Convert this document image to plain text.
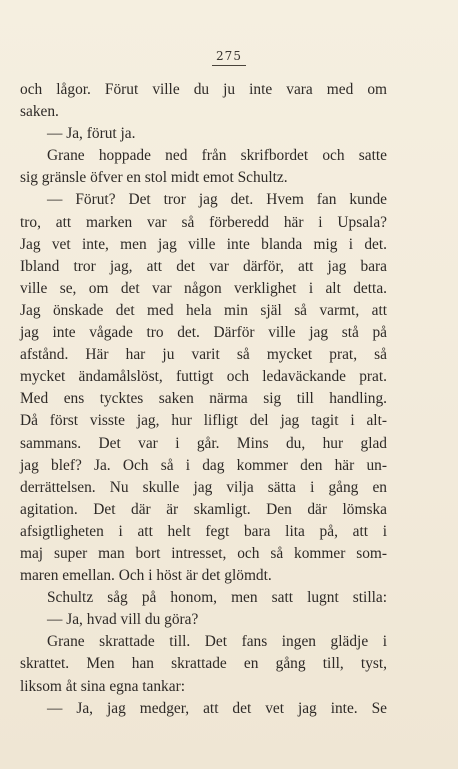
275
och lågor. Förut ville du ju inte vara med om
saken.
— Ja, förut ja.
Grane hoppade ned från skrifbordet och satte
sig gränsle öfver en stol midt emot Schultz.
— Förut? Det tror jag det. Hvem fan kunde
tro, att marken var så förberedd här i Upsala?
Jag vet inte, men jag ville inte blanda mig i det.
Ibland tror jag, att det var därför, att jag bara
ville se, om det var någon verklighet i alt detta.
Jag önskade det med hela min själ så varmt, att
jag inte vågade tro det. Därför ville jag stå på
afstånd. Här har ju varit så mycket prat, så
mycket ändamålslöst, futtigt och ledaväckande prat.
Med ens tycktes saken närma sig till handling.
Då först visste jag, hur lifligt del jag tagit i alt-
sammans. Det var i går. Mins du, hur glad
jag blef? Ja. Och så i dag kommer den här un-
derrättelsen. Nu skulle jag vilja sätta i gång en
agitation. Det där är skamligt. Den där lömska
afsigtligheten i att helt fegt bara lita på, att i
maj super man bort intresset, och så kommer som-
maren emellan. Och i höst är det glömdt.
Schultz såg på honom, men satt lugnt stilla:
— Ja, hvad vill du göra?
Grane skrattade till. Det fans ingen glädje i
skrattet. Men han skrattade en gång till, tyst,
liksom åt sina egna tankar:
— Ja, jag medger, att det vet jag inte. Se
